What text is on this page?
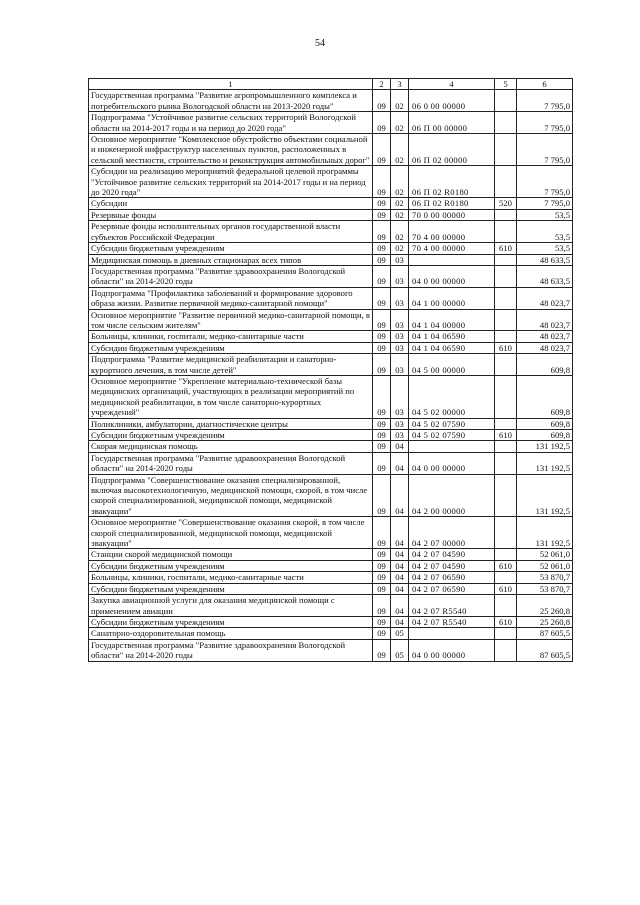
54
1	2	3	4	5	6
Государственная программа "Развитие агропромышленного комплекса и потребительского рынка Вологодской области на 2013-2020 годы"	09	02	06 0 00 00000		7 795,0
Подпрограмма "Устойчивое развитие сельских территорий Вологодской области на 2014-2017 годы и на период до 2020 года"	09	02	06 П 00 00000		7 795,0
Основное мероприятие "Комплексное обустройство объектами социальной и инженерной инфраструктур населенных пунктов, расположенных в сельской местности, строительство и реконструкция автомобильных дорог"	09	02	06 П 02 00000		7 795,0
Субсидии на реализацию мероприятий федеральной целевой программы "Устойчивое развитие сельских территорий на 2014-2017 годы и на период до 2020 года"	09	02	06 П 02 R0180		7 795,0
Субсидии	09	02	06 П 02 R0180	520	7 795,0
Резервные фонды	09	02	70 0 00 00000		53,5
Резервные фонды исполнительных органов государственной власти субъектов Российской Федерации	09	02	70 4 00 00000		53,5
Субсидии бюджетным учреждениям	09	02	70 4 00 00000	610	53,5
Медицинская помощь в дневных стационарах всех типов	09	03			48 633,5
Государственная программа "Развитие здравоохранения Вологодской области" на 2014-2020 годы	09	03	04 0 00 00000		48 633,5
Подпрограмма "Профилактика заболеваний и формирование здорового образа жизни. Развитие первичной медико-санитарной помощи"	09	03	04 1 00 00000		48 023,7
Основное мероприятие "Развитие первичной медико-санитарной помощи, в том числе сельским жителям"	09	03	04 1 04 00000		48 023,7
Больницы, клиники, госпитали, медико-санитарные части	09	03	04 1 04 06590		48 023,7
Субсидии бюджетным учреждениям	09	03	04 1 04 06590	610	48 023,7
Подпрограмма "Развитие медицинской реабилитации и санаторно-курортного лечения, в том числе детей"	09	03	04 5 00 00000		609,8
Основное мероприятие "Укрепление материально-технической базы медицинских организаций, участвующих в реализации мероприятий по медицинской реабилитации, в том числе санаторно-курортных учреждений"	09	03	04 5 02 00000		609,8
Поликлиники, амбулатории, диагностические центры	09	03	04 5 02 07590		609,8
Субсидии бюджетным учреждениям	09	03	04 5 02 07590	610	609,8
Скорая медицинская помощь	09	04			131 192,5
Государственная программа "Развитие здравоохранения Вологодской области" на 2014-2020 годы	09	04	04 0 00 00000		131 192,5
Подпрограмма "Совершенствование оказания специализированной, включая высокотехнологичную, медицинской помощи, скорой, в том числе скорой специализированной, медицинской помощи, медицинской эвакуации"	09	04	04 2 00 00000		131 192,5
Основное мероприятие "Совершенствование оказания скорой, в том числе скорой специализированной, медицинской помощи, медицинской эвакуации"	09	04	04 2 07 00000		131 192,5
Станции скорой медицинской помощи	09	04	04 2 07 04590		52 061,0
Субсидии бюджетным учреждениям	09	04	04 2 07 04590	610	52 061,0
Больницы, клиники, госпитали, медико-санитарные части	09	04	04 2 07 06590		53 870,7
Субсидии бюджетным учреждениям	09	04	04 2 07 06590	610	53 870,7
Закупка авиационной услуги для оказания медицинской помощи с применением авиации	09	04	04 2 07 R5540		25 260,8
Субсидии бюджетным учреждениям	09	04	04 2 07 R5540	610	25 260,8
Санаторно-оздоровительная помощь	09	05			87 605,5
Государственная программа "Развитие здравоохранения Вологодской области" на 2014-2020 годы	09	05	04 0 00 00000		87 605,5
